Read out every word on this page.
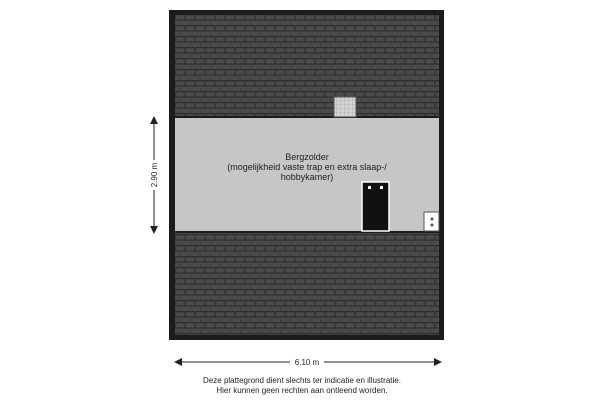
Bergzolder
(mogelijkheid vaste trap en extra slaap-/
hobbykamer)
2.90 m
6.10 m
Deze plattegrond dient slechts ter indicatie en illustratie.
Hier kunnen geen rechten aan ontleend worden.
